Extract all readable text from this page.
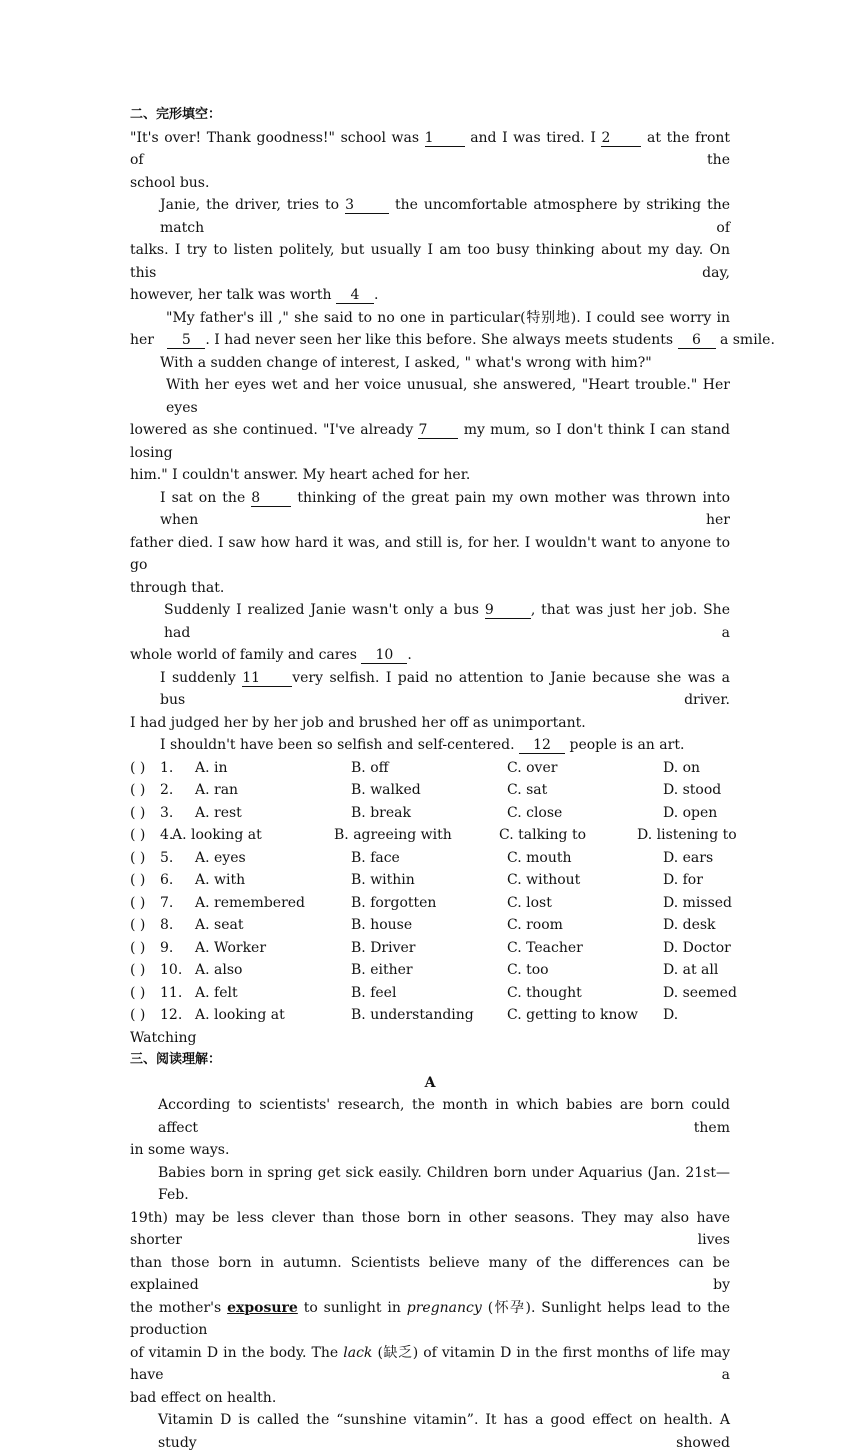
二、完形填空：
"It's over! Thank goodness!" school was 1	and I was tired. I 2	at the front of the
school bus.
Janie, the driver, tries to 3	the uncomfortable atmosphere by striking the match of
talks. I try to listen politely, but usually I am too busy thinking about my day. On this day,
however, her talk was worth 4 .
"My father's ill ," she said to no one in particular(特别地). I could see worry in
her 5 . I had never seen her like this before. She always meets students 6 a smile.
With a sudden change of interest, I asked, " what's wrong with him?"
With her eyes wet and her voice unusual, she answered, "Heart trouble." Her eyes
lowered as she continued. "I've already 7	my mum, so I don't think I can stand losing
him." I couldn't answer. My heart ached for her.
I sat on the 8	thinking of the great pain my own mother was thrown into when her
father died. I saw how hard it was, and still is, for her. I wouldn't want to anyone to go
through that.
Suddenly I realized Janie wasn't only a bus 9	, that was just her job. She had a
whole world of family and cares 10 .
I suddenly 11 very selfish. I paid no attention to Janie because she was a bus driver.
I had judged her by her job and brushed her off as unimportant.
I shouldn't have been so selfish and self-centered. 12 people is an art.
( ) 1. A. in	B. off	C. over	D. on
( ) 2. A. ran	B. walked	C. sat	D. stood
( ) 3. A. rest	B. break	C. close	D. open
( ) 4.
A. looking at	B. agreeing with	C. talking to	D. listening to
( ) 5. A. eyes	B. face	C. mouth	D. ears
( ) 6. A. with	B. within	C. without	D. for
( ) 7. A. remembered	B. forgotten	C. lost	D. missed
( ) 8. A. seat	B. house	C. room	D. desk
( ) 9. A. Worker	B. Driver	C. Teacher	D. Doctor
( ) 10. A. also	B. either	C. too	D. at all
( ) 11. A. felt	B. feel	C. thought	D. seemed
( ) 12. A. looking at	B. understanding C. getting to know D.
Watching
三、阅读理解：
A
According to scientists' research, the month in which babies are born could affect them
in some ways.
Babies born in spring get sick easily. Children born under Aquarius (Jan. 21st—Feb.
19th) may be less clever than those born in other seasons. They may also have shorter lives
than those born in autumn. Scientists believe many of the differences can be explained by
the mother's exposure to sunlight in pregnancy (怀孕). Sunlight helps lead to the production
of vitamin D in the body. The lack (缺乏) of vitamin D in the first months of life may have a
bad effect on health.
Vitamin D is called the “sunshine vitamin”. It has a good effect on health. A study showed
